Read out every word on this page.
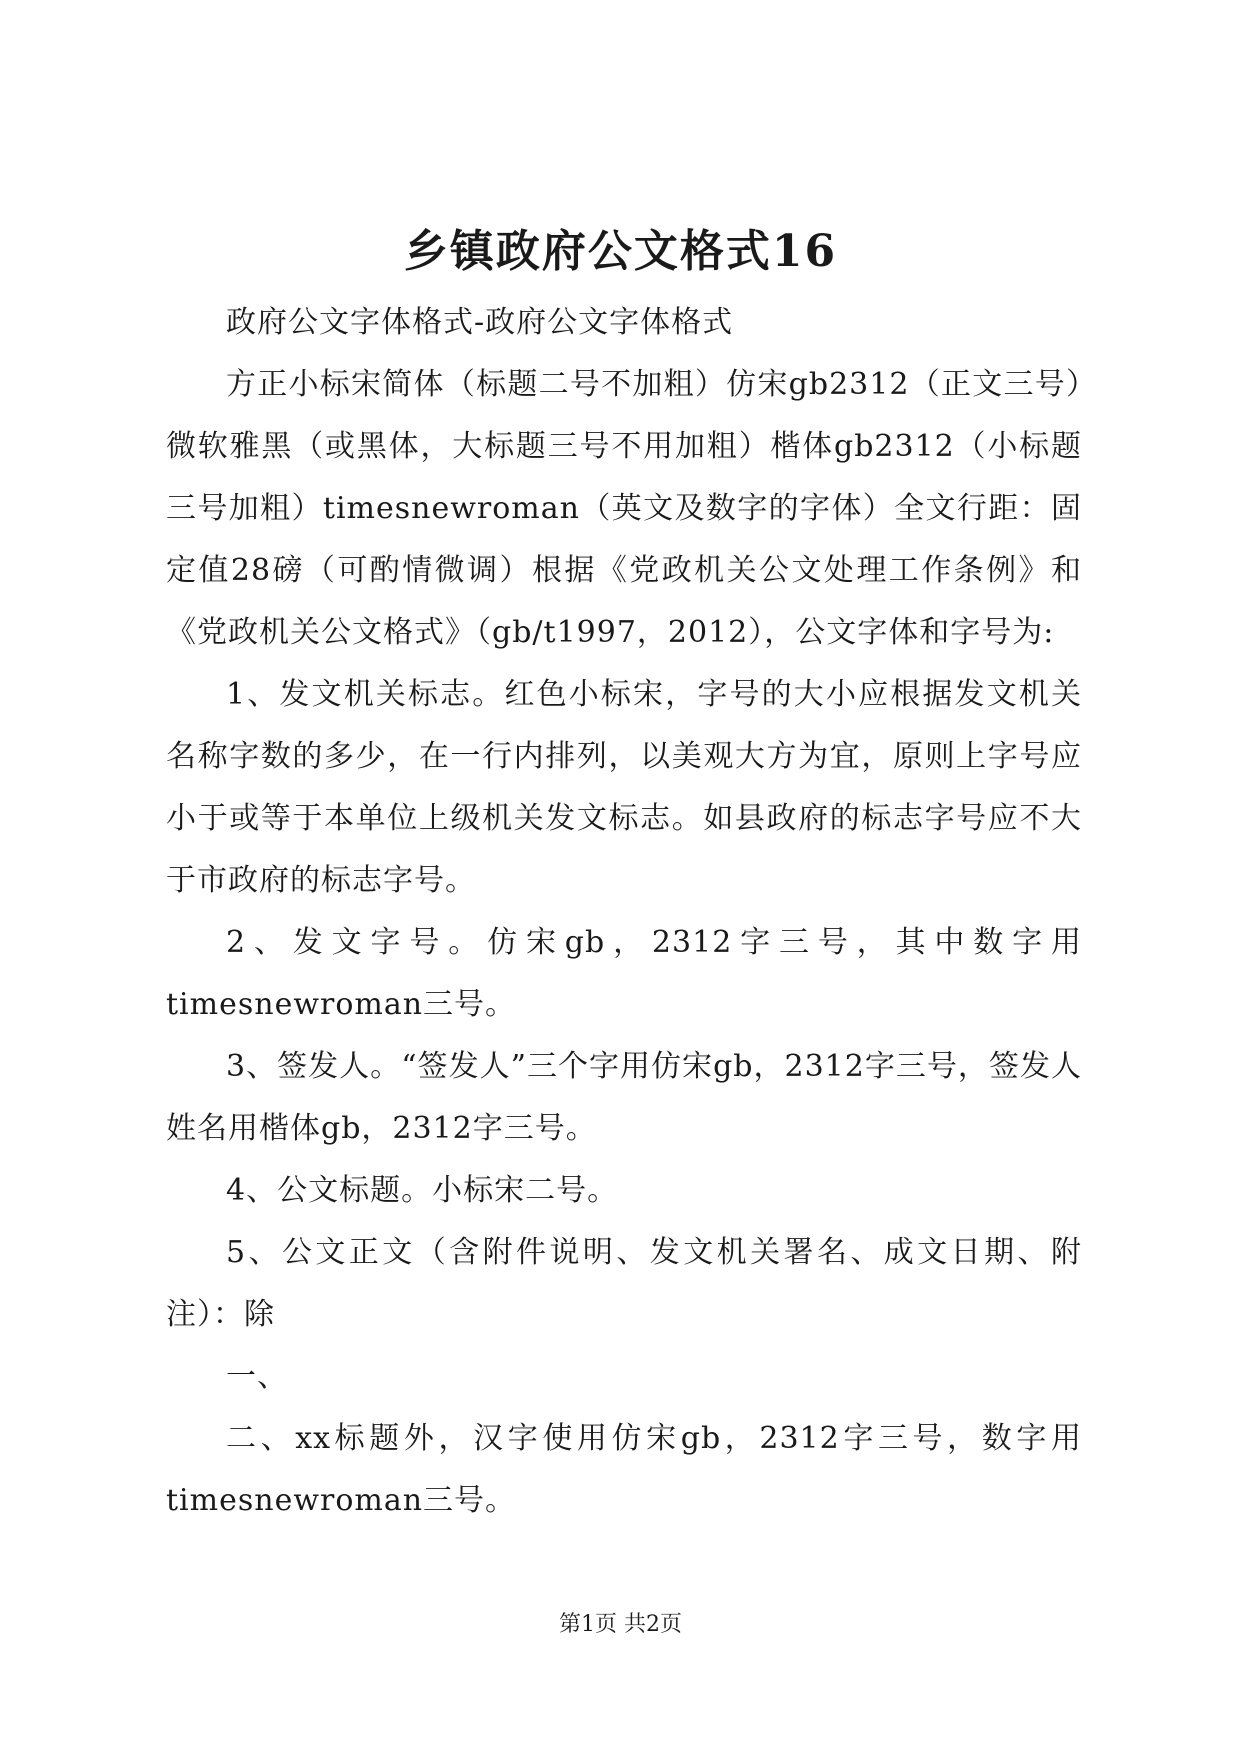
乡镇政府公文格式16

政府公文字体格式-政府公文字体格式

方正小标宋简体（标题二号不加粗）仿宋gb2312（正文三号）微软雅黑（或黑体，大标题三号不用加粗）楷体gb2312（小标题三号加粗）timesnewroman（英文及数字的字体）全文行距：固定值28磅（可酌情微调）根据《党政机关公文处理工作条例》和《党政机关公文格式》（gb/t1997，2012），公文字体和字号为:

1、发文机关标志。红色小标宋，字号的大小应根据发文机关名称字数的多少，在一行内排列，以美观大方为宜，原则上字号应小于或等于本单位上级机关发文标志。如县政府的标志字号应不大于市政府的标志字号。

2、发文字号。仿宋gb，2312字三号，其中数字用timesnewroman三号。

3、签发人。“签发人”三个字用仿宋gb，2312字三号，签发人姓名用楷体gb，2312字三号。

4、公文标题。小标宋二号。

5、公文正文（含附件说明、发文机关署名、成文日期、附注）：除

一、

二、xx标题外，汉字使用仿宋gb，2312字三号，数字用timesnewroman三号。

第1页 共2页
